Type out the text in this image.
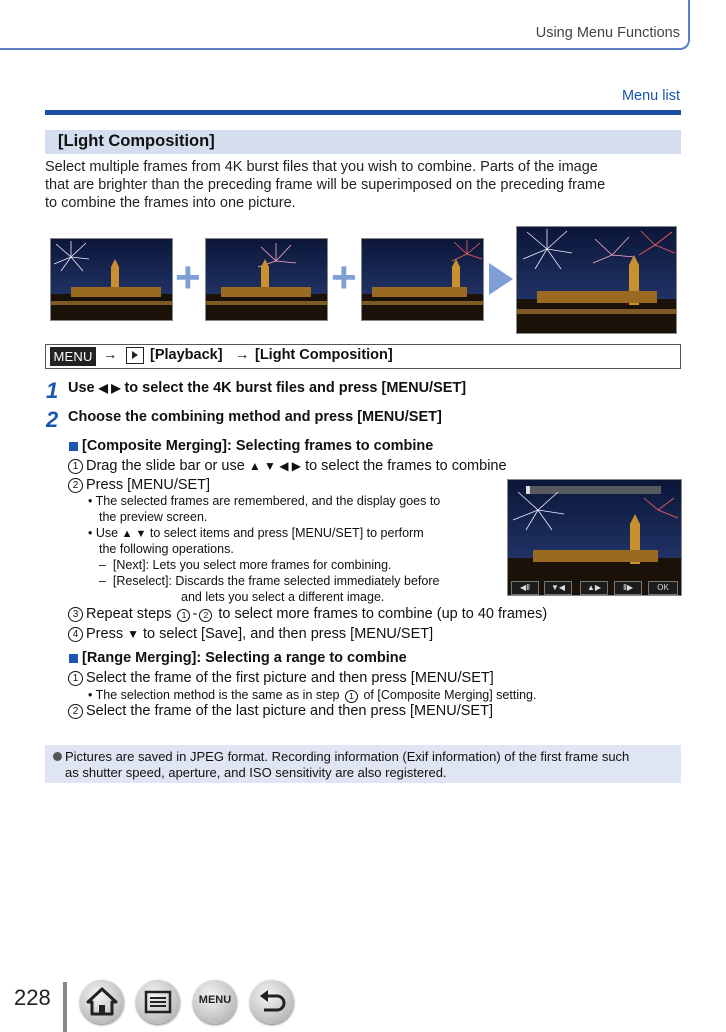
Using Menu Functions
Menu list
[Light Composition]
Select multiple frames from 4K burst files that you wish to combine. Parts of the image
that are brighter than the preceding frame will be superimposed on the preceding frame
to combine the frames into one picture.
+	+
MENU → [Playback] → [Light Composition]
1 Use ◀ ▶ to select the 4K burst files and press [MENU/SET]
2 Choose the combining method and press [MENU/SET]
[Composite Merging]: Selecting frames to combine
1 Drag the slide bar or use ▲ ▼ ◀ ▶ to select the frames to combine
2 Press [MENU/SET]
• The selected frames are remembered, and the display goes to
the preview screen.
• Use ▲ ▼ to select items and press [MENU/SET] to perform
the following operations.
–  [Next]: Lets you select more frames for combining.
–  [Reselect]: Discards the frame selected immediately before
and lets you select a different image.
◀Ⅱ	▼◀	▲▶	Ⅱ▶	OK
3 Repeat steps 1 - 2 to select more frames to combine (up to 40 frames)
4 Press ▼ to select [Save], and then press [MENU/SET]
[Range Merging]: Selecting a range to combine
1 Select the frame of the first picture and then press [MENU/SET]
• The selection method is the same as in step 1 of [Composite Merging] setting.
2 Select the frame of the last picture and then press [MENU/SET]
Pictures are saved in JPEG format. Recording information (Exif information) of the first frame such
as shutter speed, aperture, and ISO sensitivity are also registered.
228	MENU
